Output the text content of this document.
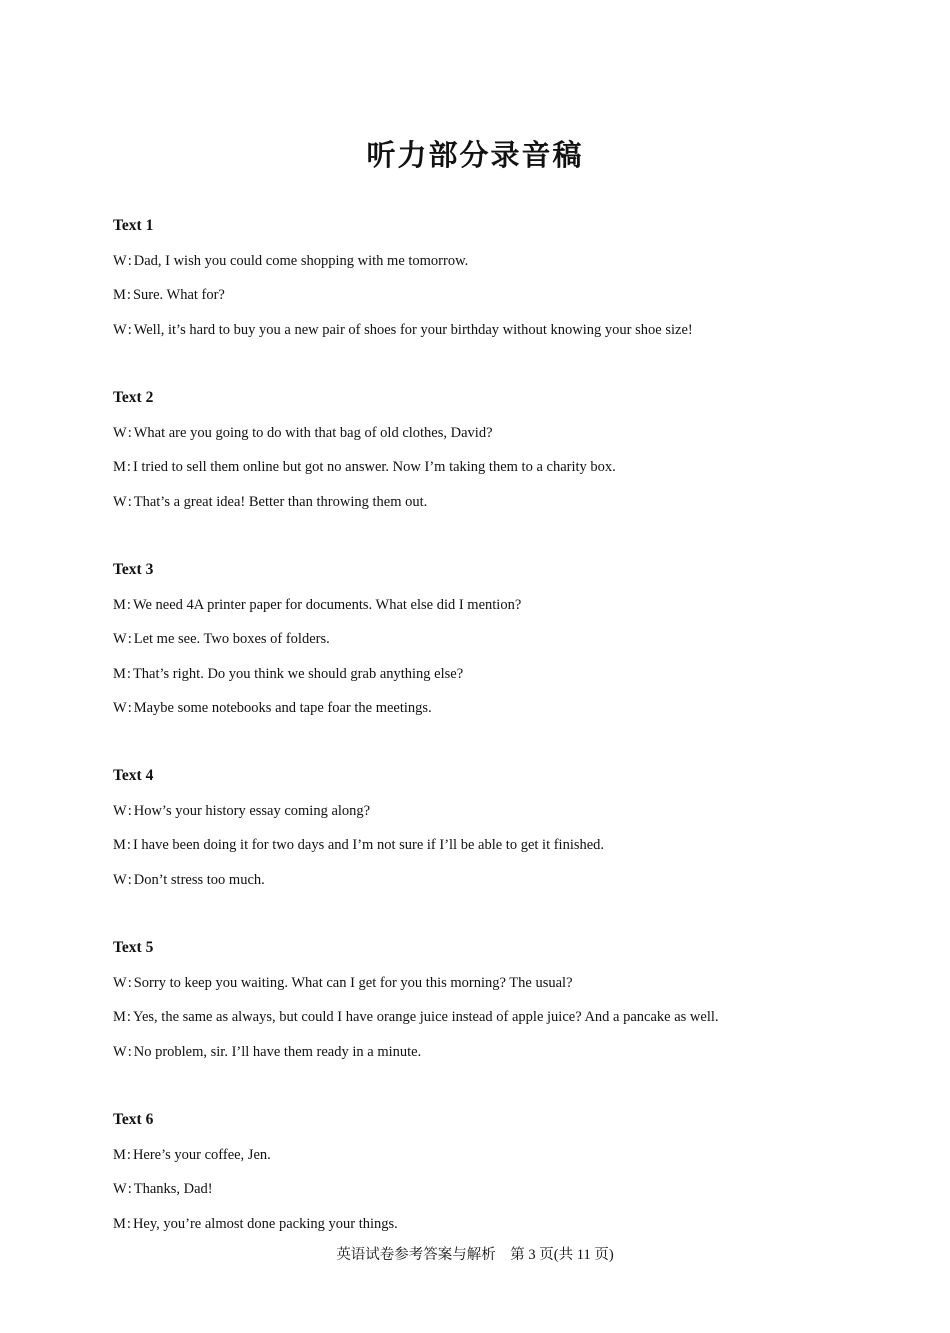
听力部分录音稿
Text 1
W: Dad, I wish you could come shopping with me tomorrow.
M: Sure. What for?
W: Well, it’s hard to buy you a new pair of shoes for your birthday without knowing your shoe size!
Text 2
W: What are you going to do with that bag of old clothes, David?
M: I tried to sell them online but got no answer. Now I’m taking them to a charity box.
W: That’s a great idea! Better than throwing them out.
Text 3
M: We need 4A printer paper for documents. What else did I mention?
W: Let me see. Two boxes of folders.
M: That’s right. Do you think we should grab anything else?
W: Maybe some notebooks and tape foar the meetings.
Text 4
W: How’s your history essay coming along?
M: I have been doing it for two days and I’m not sure if I’ll be able to get it finished.
W: Don’t stress too much.
Text 5
W: Sorry to keep you waiting. What can I get for you this morning? The usual?
M: Yes, the same as always, but could I have orange juice instead of apple juice? And a pancake as well.
W: No problem, sir. I’ll have them ready in a minute.
Text 6
M: Here’s your coffee, Jen.
W: Thanks, Dad!
M: Hey, you’re almost done packing your things.
英语试卷参考答案与解析　第 3 页(共 11 页)
